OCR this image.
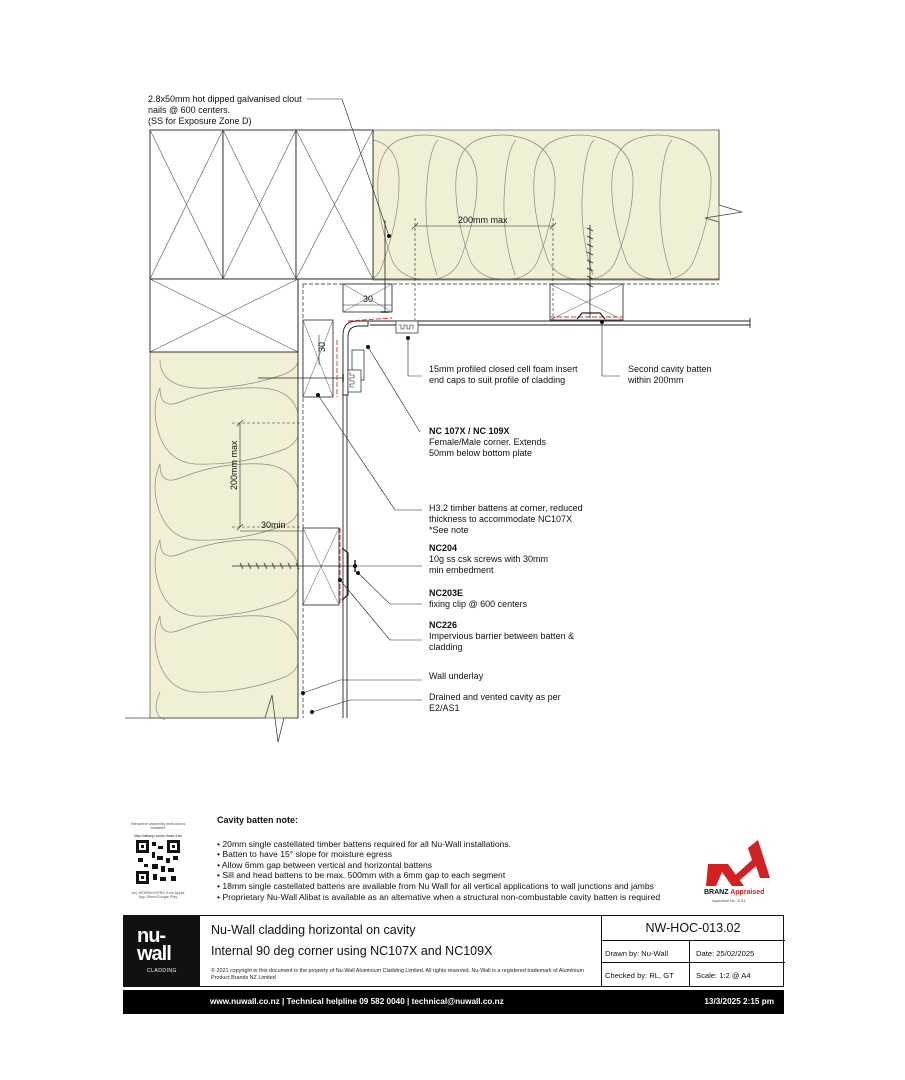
200mm max
30
30
200mm max
30min
2.8x50mm hot dipped galvanised clout nails @ 600 centers. (SS for Exposure Zone D)
15mm profiled closed cell foam insert end caps to suit profile of cladding
Second cavity batten within 200mm
NC 107X / NC 109X
Female/Male corner. Extends 50mm below bottom plate
H3.2 timber battens at corner, reduced thickness to accommodate NC107X *See note
NC204
10g ss csk screws with 30mm min embedment
NC203E
fixing clip @ 600 centers
NC226
Impervious barrier between batten & cladding
Wall underlay
Drained and vented cavity as per E2/AS1
Interactive assembly instructions available
http://allsup.nz/nu-fuse info
(re) WORKINGPRO from Apple App Store/Google Play
Cavity batten note:
• 20mm single castellated timber battens required for all Nu-Wall installations.
• Batten to have 15° slope for moisture egress
• Allow 6mm gap between vertical and horizontal battens
• Sill and head battens to be max. 500mm with a 6mm gap to each segment
• 18mm single castellated battens are available from Nu Wall for all vertical applications to wall junctions and jambs
• Proprietary Nu-Wall Alibat is available as an alternative when a structural non-combustable cavity batten is required	BRANZ Appraised
Appraisal No. 1011
nu-
wall
CLADDING
Nu-Wall cladding horizontal on cavity
Internal 90 deg corner using NC107X and NC109X
© 2021 copyright in this document is the property of Nu-Wall Aluminium Cladding Limited. All rights reserved. Nu-Wall is a registered trademark of Aluminium Product Brands NZ Limited
NW-HOC-013.02
Drawn by: Nu-Wall	Date: 25/02/2025
Checked by: RL, GT	Scale: 1:2 @ A4
www.nuwall.co.nz | Technical helpline 09 582 0040 | technical@nuwall.co.nz	13/3/2025 2:15 pm
